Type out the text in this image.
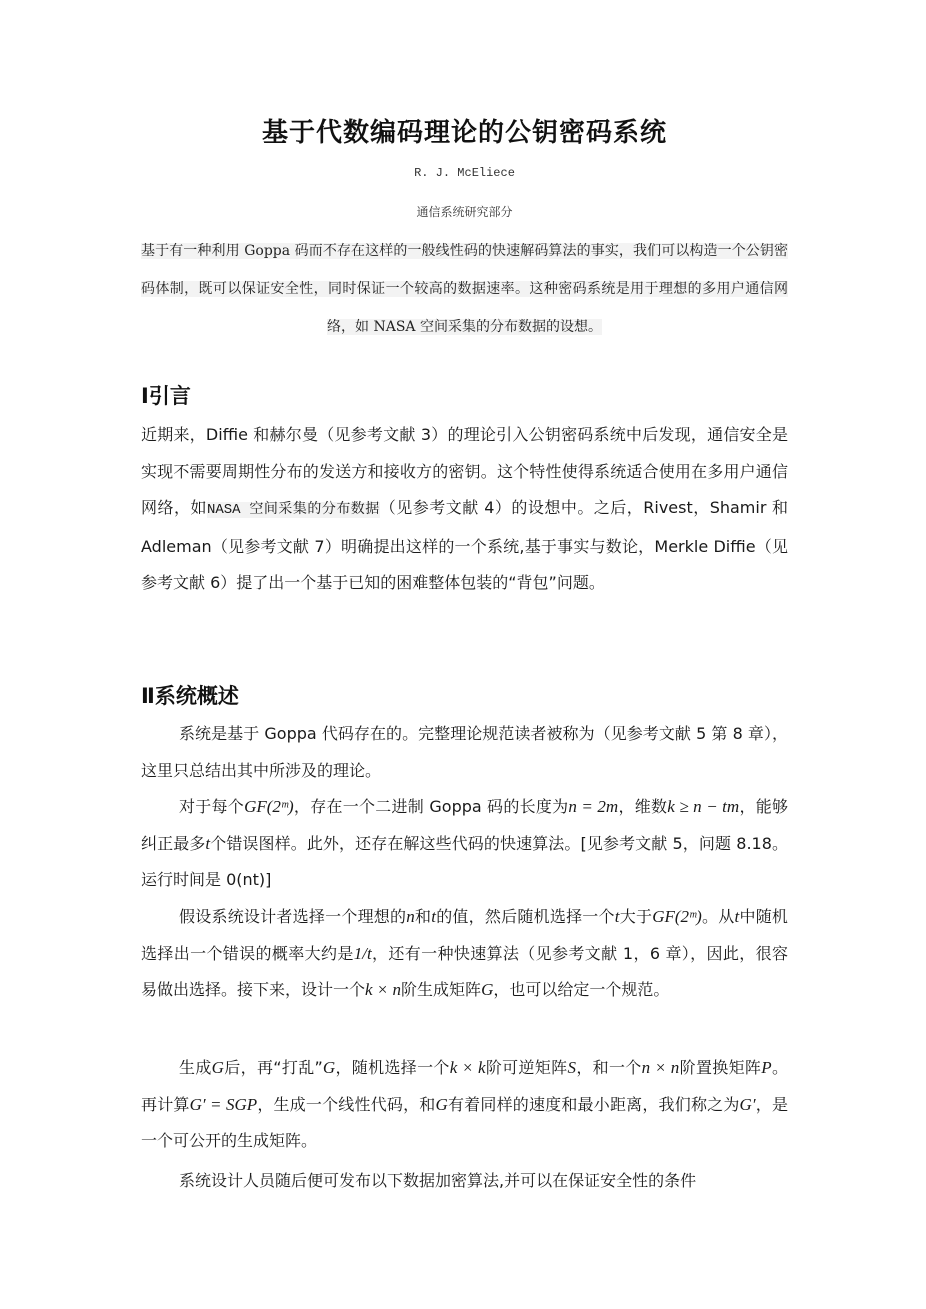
基于代数编码理论的公钥密码系统
R. J. McEliece
通信系统研究部分
基于有一种利用 Goppa 码而不存在这样的一般线性码的快速解码算法的事实，我们可以构造一个公钥密码体制，既可以保证安全性，同时保证一个较高的数据速率。这种密码系统是用于理想的多用户通信网络，如 NASA 空间采集的分布数据的设想。
Ⅰ引言

近期来，Diffie 和赫尔曼（见参考文献 3）的理论引入公钥密码系统中后发现，通信安全是实现不需要周期性分布的发送方和接收方的密钥。这个特性使得系统适合使用在多用户通信网络，如NASA 空间采集的分布数据（见参考文献 4）的设想中。之后，Rivest，Shamir 和 Adleman（见参考文献 7）明确提出这样的一个系统,基于事实与数论，Merkle Diffie（见参考文献 6）提了出一个基于已知的困难整体包装的“背包”问题。

Ⅱ系统概述

系统是基于 Goppa 代码存在的。完整理论规范读者被称为（见参考文献 5 第 8 章），这里只总结出其中所涉及的理论。

对于每个GF(2ᵐ)，存在一个二进制 Goppa 码的长度为n = 2m，维数k ≥ n − tm，能够纠正最多t个错误图样。此外，还存在解这些代码的快速算法。[见参考文献 5，问题 8.18。运行时间是 0(nt)]

假设系统设计者选择一个理想的n和t的值，然后随机选择一个t大于GF(2ᵐ)。从t中随机选择出一个错误的概率大约是1/t，还有一种快速算法（见参考文献 1，6 章），因此，很容易做出选择。接下来，设计一个k × n阶生成矩阵G，也可以给定一个规范。

生成G后，再“打乱”G，随机选择一个k × k阶可逆矩阵S，和一个n × n阶置换矩阵P。再计算G′ = SGP，生成一个线性代码，和G有着同样的速度和最小距离，我们称之为G′，是一个可公开的生成矩阵。

系统设计人员随后便可发布以下数据加密算法,并可以在保证安全性的条件
